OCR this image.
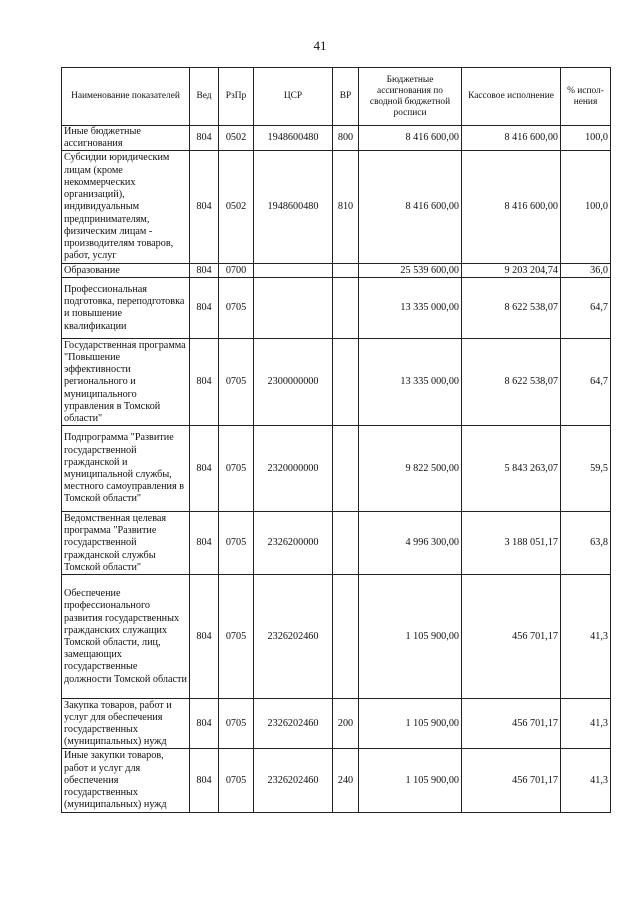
41
Наименование показателей	Вед	РзПр	ЦСР	ВР	Бюджетные ассигнования по сводной бюджетной росписи	Кассовое исполнение	% испол-нения
Иные бюджетные ассигнования	804	0502	1948600480	800	8 416 600,00	8 416 600,00	100,0
Субсидии юридическим лицам (кроме некоммерческих организаций), индивидуальным предпринимателям, физическим лицам - производителям товаров, работ, услуг	804	0502	1948600480	810	8 416 600,00	8 416 600,00	100,0
Образование	804	0700			25 539 600,00	9 203 204,74	36,0
Профессиональная подготовка, переподготовка и повышение квалификации	804	0705			13 335 000,00	8 622 538,07	64,7
Государственная программа "Повышение эффективности регионального и муниципального управления в Томской области"	804	0705	2300000000		13 335 000,00	8 622 538,07	64,7
Подпрограмма "Развитие государственной гражданской и муниципальной службы, местного самоуправления в Томской области"	804	0705	2320000000		9 822 500,00	5 843 263,07	59,5
Ведомственная целевая программа "Развитие государственной гражданской службы Томской области"	804	0705	2326200000		4 996 300,00	3 188 051,17	63,8
Обеспечение профессионального развития государственных гражданских служащих Томской области, лиц, замещающих государственные должности Томской области	804	0705	2326202460		1 105 900,00	456 701,17	41,3
Закупка товаров, работ и услуг для обеспечения государственных (муниципальных) нужд	804	0705	2326202460	200	1 105 900,00	456 701,17	41,3
Иные закупки товаров, работ и услуг для обеспечения государственных (муниципальных) нужд	804	0705	2326202460	240	1 105 900,00	456 701,17	41,3
